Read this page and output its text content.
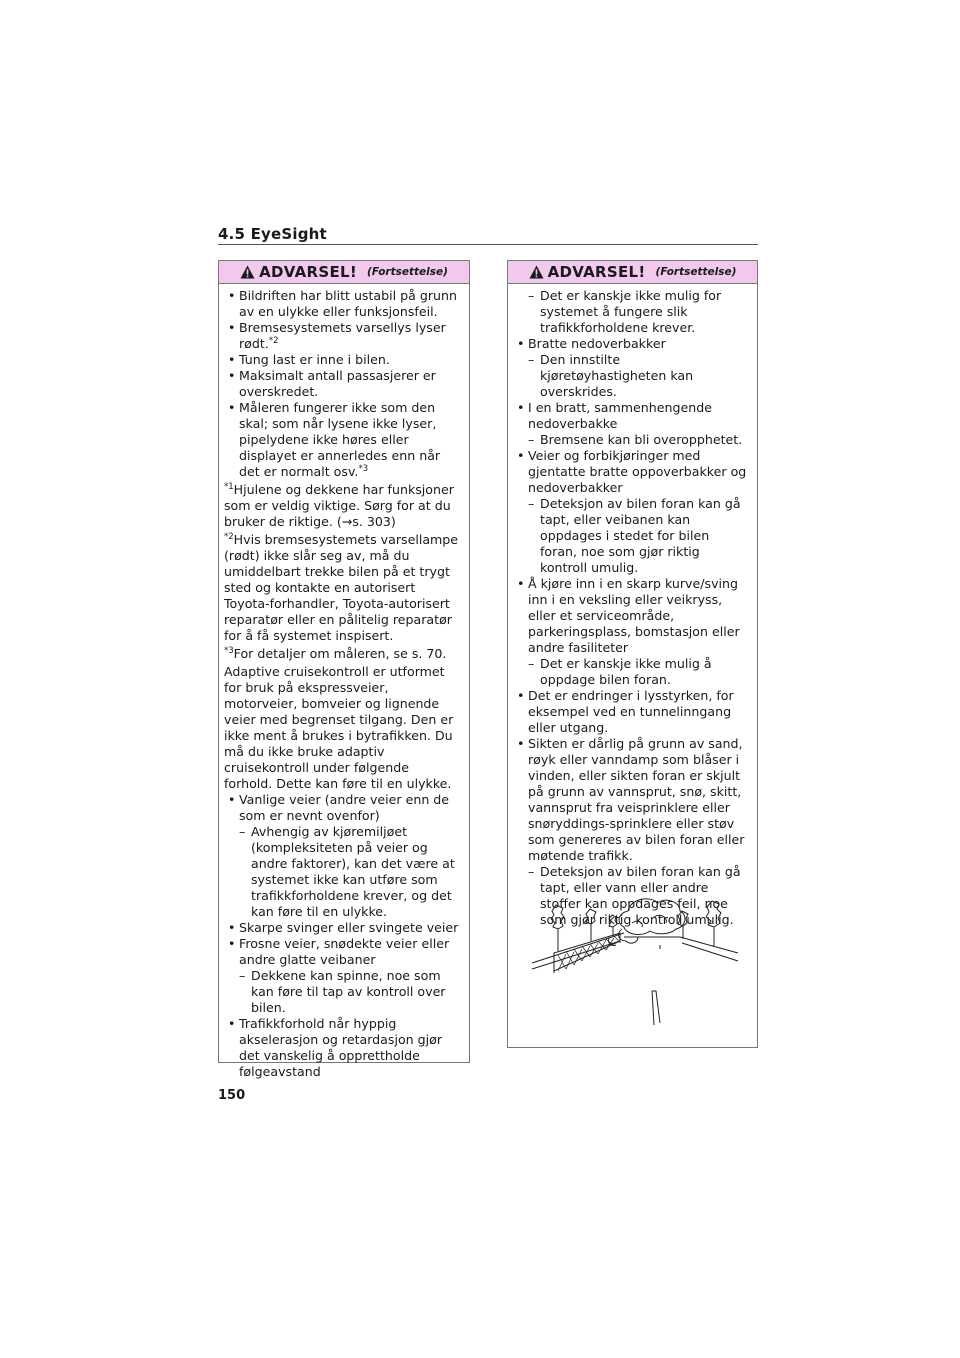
4.5 EyeSight
ADVARSEL! (Fortsettelse)
• Bildriften har blitt ustabil på grunn av en ulykke eller funksjonsfeil.
• Bremsesystemets varsellys lyser rødt.$^{*2}$
• Tung last er inne i bilen.
• Maksimalt antall passasjerer er overskredet.
• Måleren fungerer ikke som den skal; som når lysene ikke lyser, pipelydene ikke høres eller displayet er annerledes enn når det er normalt osv.$^{*3}$
$^{*1}$Hjulene og dekkene har funksjoner som er veldig viktige. Sørg for at du bruker de riktige. (→s. 303)
$^{*2}$Hvis bremsesystemets varsellampe (rødt) ikke slår seg av, må du umiddelbart trekke bilen på et trygt sted og kontakte en autorisert Toyota-forhandler, Toyota-autorisert reparatør eller en pålitelig reparatør for å få systemet inspisert.
$^{*3}$For detaljer om måleren, se s. 70.
Adaptive cruisekontroll er utformet for bruk på ekspressveier, motorveier, bomveier og lignende veier med begrenset tilgang. Den er ikke ment å brukes i bytrafikken. Du må du ikke bruke adaptiv cruisekontroll under følgende forhold. Dette kan føre til en ulykke.
• Vanlige veier (andre veier enn de som er nevnt ovenfor)
– Avhengig av kjøremiljøet (kompleksiteten på veier og andre faktorer), kan det være at systemet ikke kan utføre som trafikkforholdene krever, og det kan føre til en ulykke.
• Skarpe svinger eller svingete veier
• Frosne veier, snødekte veier eller andre glatte veibaner
– Dekkene kan spinne, noe som kan føre til tap av kontroll over bilen.
• Trafikkforhold når hyppig akselerasjon og retardasjon gjør det vanskelig å opprettholde følgeavstand
ADVARSEL! (Fortsettelse)
– Det er kanskje ikke mulig for systemet å fungere slik trafikkforholdene krever.
• Bratte nedoverbakker
– Den innstilte kjøretøyhastigheten kan overskrides.
• I en bratt, sammenhengende nedoverbakke
– Bremsene kan bli overopphetet.
• Veier og forbikjøringer med gjentatte bratte oppoverbakker og nedoverbakker
– Deteksjon av bilen foran kan gå tapt, eller veibanen kan oppdages i stedet for bilen foran, noe som gjør riktig kontroll umulig.
• Å kjøre inn i en skarp kurve/sving inn i en veksling eller veikryss, eller et serviceområde, parkeringsplass, bomstasjon eller andre fasiliteter
– Det er kanskje ikke mulig å oppdage bilen foran.
• Det er endringer i lysstyrken, for eksempel ved en tunnelinngang eller utgang.
• Sikten er dårlig på grunn av sand, røyk eller vanndamp som blåser i vinden, eller sikten foran er skjult på grunn av vannsprut, snø, skitt, vannsprut fra veisprinklere eller snøryddings-sprinklere eller støv som genereres av bilen foran eller møtende trafikk.
– Deteksjon av bilen foran kan gå tapt, eller vann eller andre stoffer kan oppdages feil, noe som gjør riktig kontroll umulig.
150
